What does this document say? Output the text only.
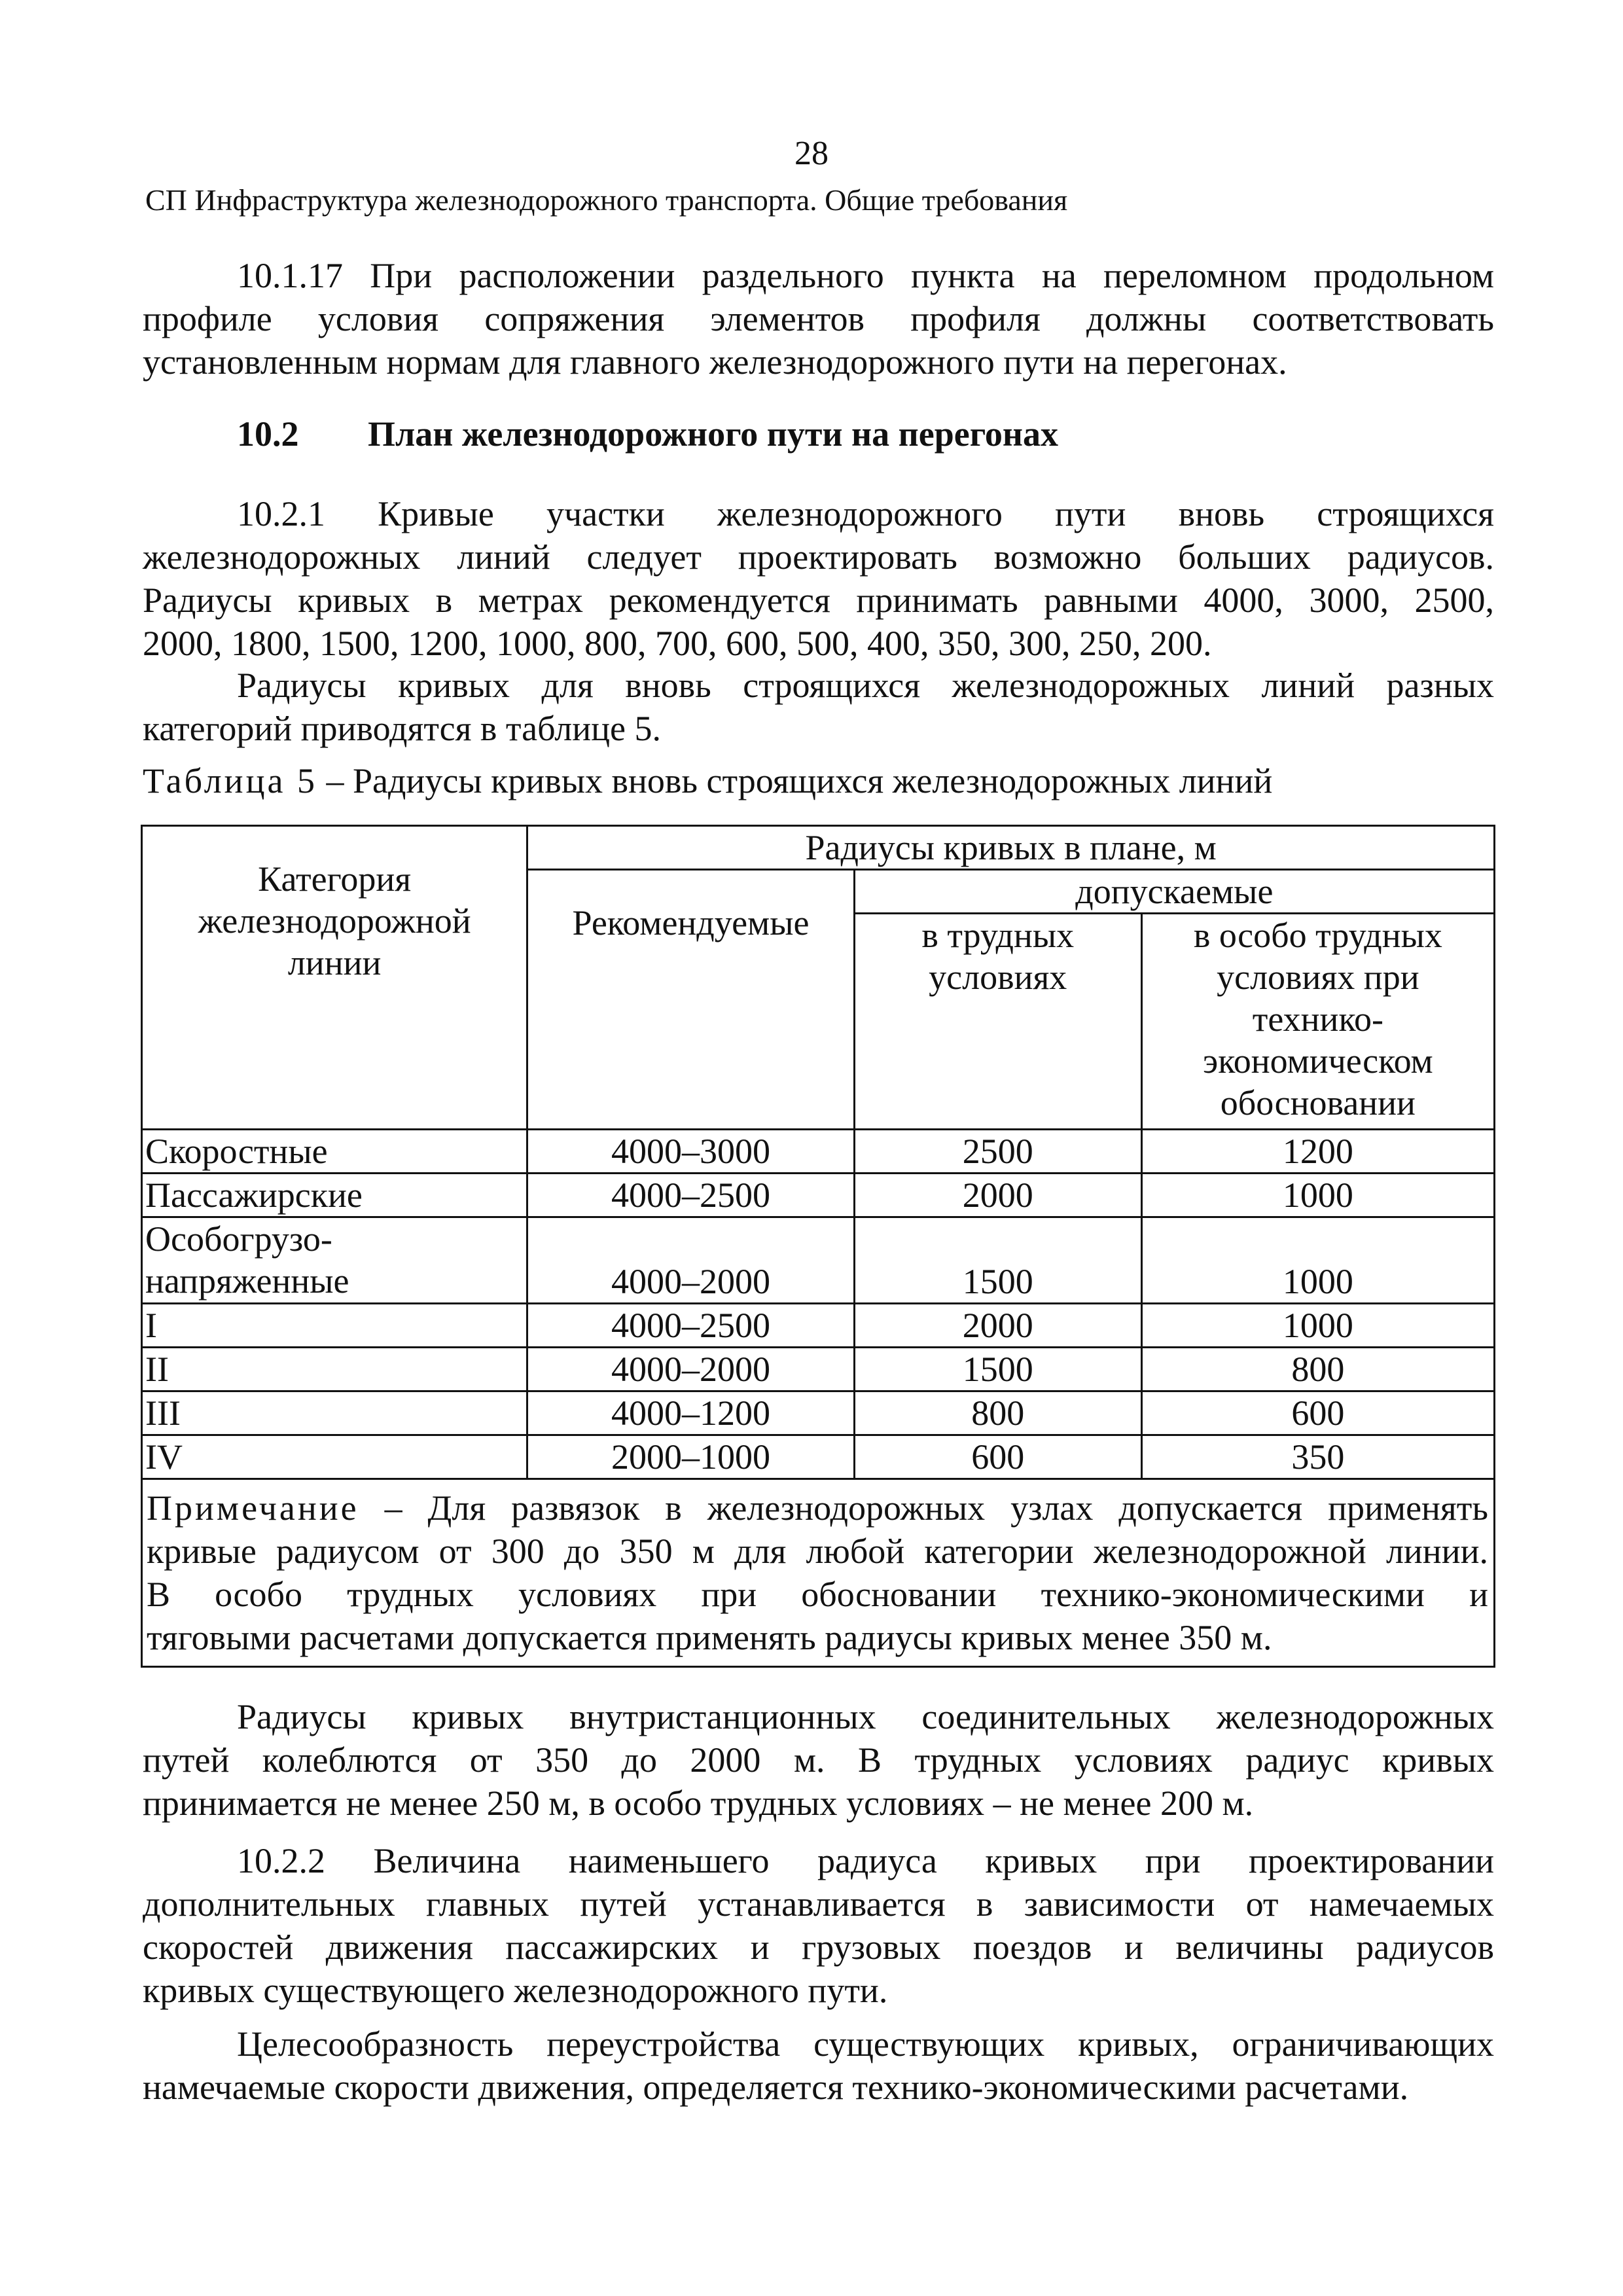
28
СП Инфраструктура железнодорожного транспорта. Общие требования
10.1.17 При расположении раздельного пункта на переломном продольном
профиле условия сопряжения элементов профиля должны соответствовать
установленным нормам для главного железнодорожного пути на перегонах.
10.2 План железнодорожного пути на перегонах
10.2.1 Кривые участки железнодорожного пути вновь строящихся
железнодорожных линий следует проектировать возможно больших радиусов.
Радиусы кривых в метрах рекомендуется принимать равными 4000, 3000, 2500,
2000, 1800, 1500, 1200, 1000, 800, 700, 600, 500, 400, 350, 300, 250, 200.
Радиусы кривых для вновь строящихся железнодорожных линий разных
категорий приводятся в таблице 5.
Таблица 5 – Радиусы кривых вновь строящихся железнодорожных линий
Категория железнодорожной линии	Радиусы кривых в плане, м		
	Рекомендуемые	допускаемые	
		в трудных условиях	в особо трудных условиях при технико-экономическом обосновании
Скоростные	4000–3000	2500	1200
Пассажирские	4000–2500	2000	1000
Особогрузо-напряженные	4000–2000	1500	1000
I	4000–2500	2000	1000
II	4000–2000	1500	800
III	4000–1200	800	600
IV	2000–1000	600	350

Примечание – Для развязок в железнодорожных узлах допускается применять
кривые радиусом от 300 до 350 м для любой категории железнодорожной линии.
В особо трудных условиях при обосновании технико-экономическими и
тяговыми расчетами допускается применять радиусы кривых менее 350 м.			
Радиусы кривых внутристанционных соединительных железнодорожных
путей колеблются от 350 до 2000 м. В трудных условиях радиус кривых
принимается не менее 250 м, в особо трудных условиях – не менее 200 м.
10.2.2 Величина наименьшего радиуса кривых при проектировании
дополнительных главных путей устанавливается в зависимости от намечаемых
скоростей движения пассажирских и грузовых поездов и величины радиусов
кривых существующего железнодорожного пути.
Целесообразность переустройства существующих кривых, ограничивающих
намечаемые скорости движения, определяется технико-экономическими расчетами.
